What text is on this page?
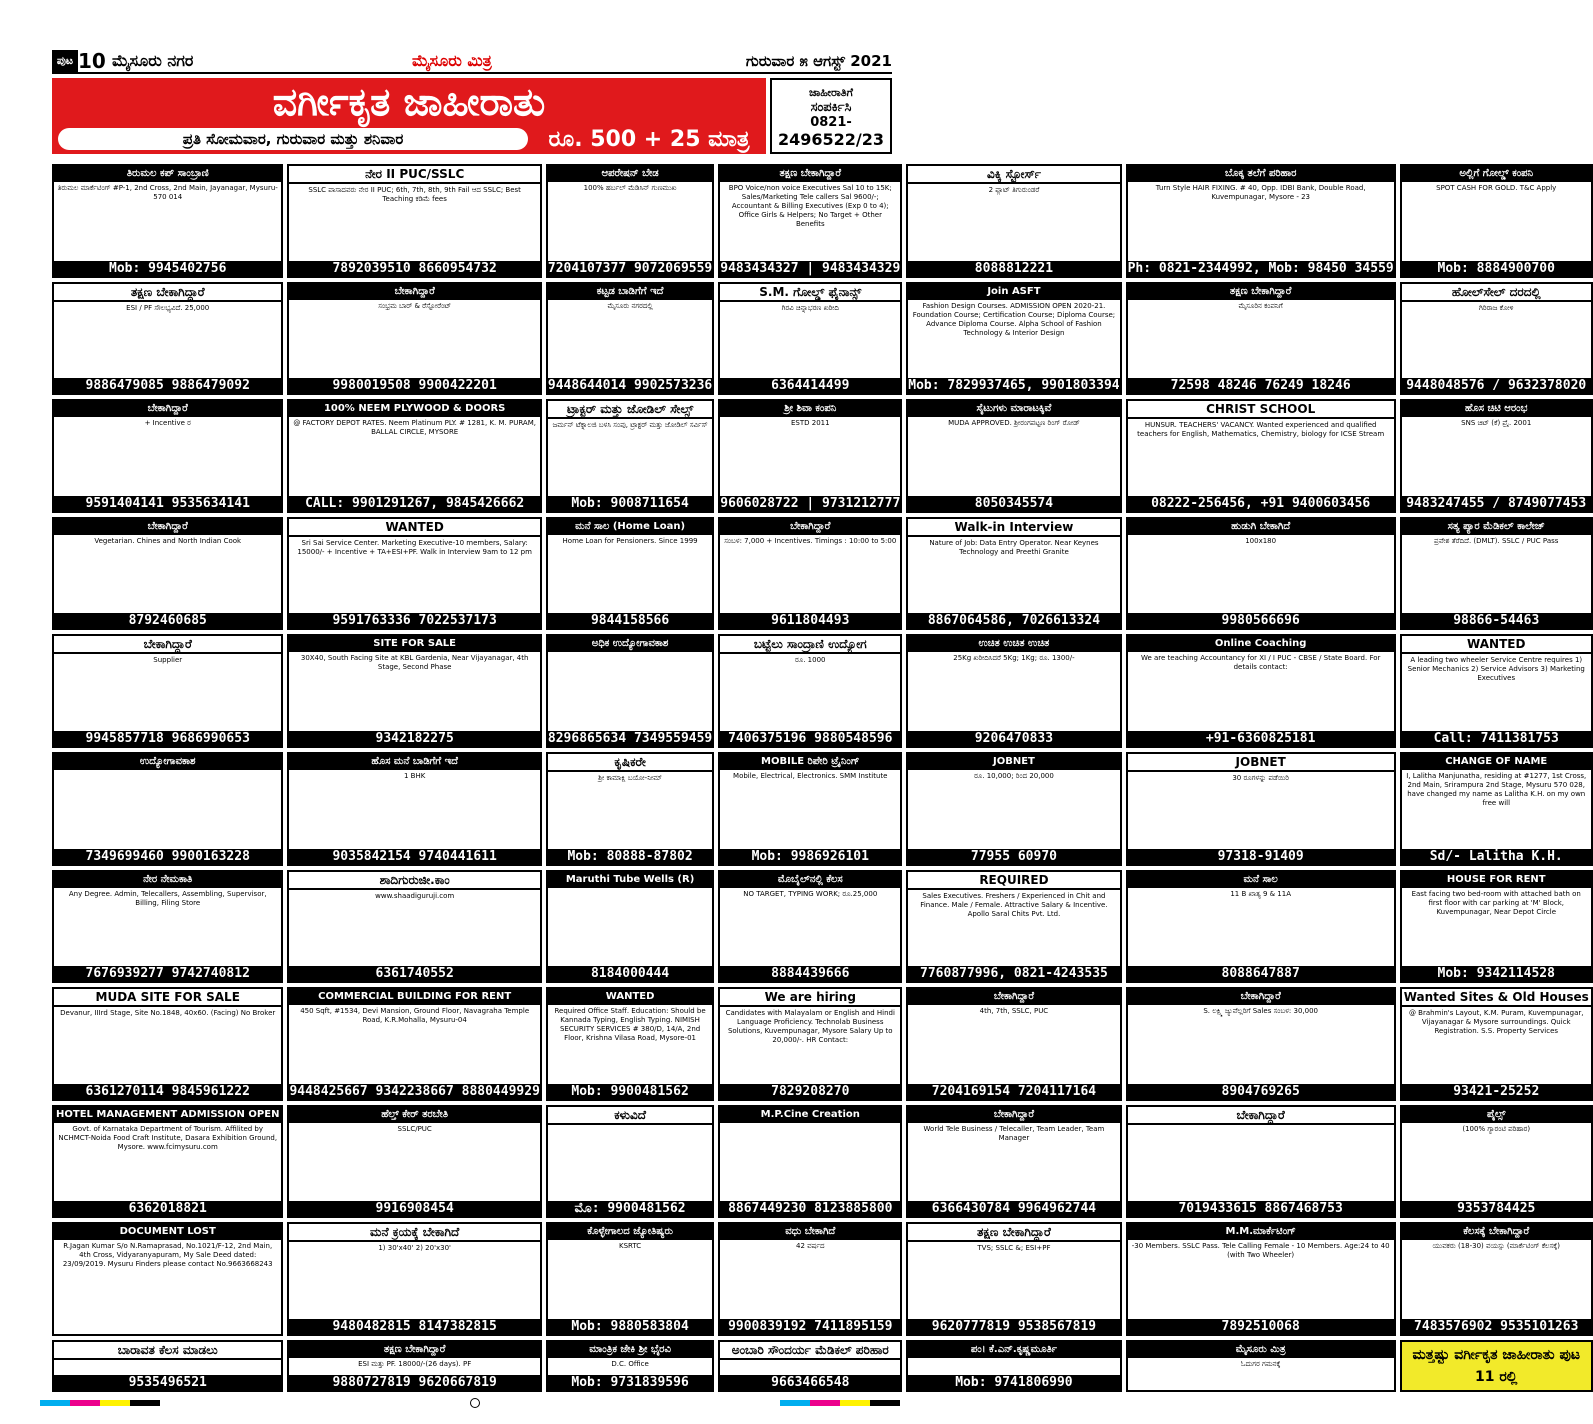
ಪುಟ 10 ಮೈಸೂರು ನಗರ	ಮೈಸೂರು ಮಿತ್ರ	ಗುರುವಾರ ೫ ಆಗಸ್ಟ್ 2021
ವರ್ಗೀಕೃತ ಜಾಹೀರಾತು
ಪ್ರತಿ ಸೋಮವಾರ, ಗುರುವಾರ ಮತ್ತು ಶನಿವಾರ	ರೂ. 500 + 25 ಮಾತ್ರ
ಜಾಹೀರಾತಿಗೆ
ಸಂಪರ್ಕಿಸಿ
0821-
2496522/23
ತಿರುಮಲ ಕಪ್ ಸಾಂಬ್ರಾಣಿ
ತಿರುಮಲ ಮಾರ್ಕೆಟಿಂಗ್ #P-1, 2nd Cross, 2nd Main, Jayanagar, Mysuru-570 014
Mob: 9945402756
ನೇರ II PUC/SSLC
SSLC ಪಾಸಾದವರು ನೇರ II PUC; 6th, 7th, 8th, 9th Fail ಆದ SSLC; Best Teaching ಕಡಿಮೆ fees
7892039510 8660954732
ಆಪರೇಷನ್ ಬೇಡ
100% ಹರ್ಬಲ್ ಮೆಡಿಸಿನ್ ಗುಣಮುಖ
7204107377 9072069559
ತಕ್ಷಣ ಬೇಕಾಗಿದ್ದಾರೆ
BPO Voice/non voice Executives Sal 10 to 15K; Sales/Marketing Tele callers Sal 9600/-; Accountant & Billing Executives (Exp 0 to 4); Office Girls & Helpers; No Target + Other Benefits
9483434327 | 9483434329
ವಿಕ್ಕಿ ಸ್ಟೋರ್ಸ್
2 ಪ್ಲಾಟ್ ತಿಗುರುಂಡರೆ
8088812221
ಬೊಕ್ಕ ತಲೆಗೆ ಪರಿಹಾರ
Turn Style HAIR FIXING. # 40, Opp. IDBI Bank, Double Road, Kuvempunagar, Mysore - 23
Ph: 0821-2344992, Mob: 98450 34559
ಅಲ್ಲಿಗೆ ಗೋಲ್ಡ್ ಕಂಪನಿ
SPOT CASH FOR GOLD. T&C Apply
Mob: 8884900700
ತಕ್ಷಣ ಬೇಕಾಗಿದ್ದಾರೆ
ESI / PF ಸೌಲಭ್ಯವಿದೆ. 25,000
9886479085 9886479092
ಬೇಕಾಗಿದ್ದಾರೆ
ಸಂಭ್ರಮ ಬಾರ್ & ರೆಸ್ಟೋರೆಂಟ್
9980019508 9900422201
ಕಟ್ಟಡ ಬಾಡಿಗೆಗೆ ಇದೆ
ಮೈಸೂರು ನಗರದಲ್ಲಿ
9448644014 9902573236
S.M. ಗೋಲ್ಡ್ ಫೈನಾನ್ಸ್
ಗಿರವಿ ಚಿನ್ನಾಭರಣ ಖರೀದಿ
6364414499
Join ASFT
Fashion Design Courses. ADMISSION OPEN 2020-21. Foundation Course; Certification Course; Diploma Course; Advance Diploma Course. Alpha School of Fashion Technology & Interior Design
Mob: 7829937465, 9901803394
ತಕ್ಷಣ ಬೇಕಾಗಿದ್ದಾರೆ
ಮೈಸೂರಿನ ಕಂಪನಿಗೆ
72598 48246 76249 18246
ಹೋಲ್‌ಸೇಲ್ ದರದಲ್ಲಿ
ಗಿರಿರಾಜ ಕೋಳಿ
9448048576 / 9632378020
ಬೇಕಾಗಿದ್ದಾರೆ
+ Incentive ರ
9591404141 9535634141
100% NEEM PLYWOOD & DOORS
@ FACTORY DEPOT RATES. Neem Platinum PLY. # 1281, K. M. PURAM, BALLAL CIRCLE, MYSORE
CALL: 9901291267, 9845426662
ಟ್ರಾಕ್ಟರ್ ಮತ್ತು ಜೋಡಿಲ್ ಸೇಲ್ಸ್
ಜರ್ಮನ್ ಟೆಕ್ನಾಲಜಿ ಬಳಸಿ ಸಂಪು, ಟ್ರಾಕ್ಟರ್ ಮತ್ತು ಜೋಡಿಲ್ ಸರ್ವಿಸ್
Mob: 9008711654
ಶ್ರೀ ಶಿವಾ ಕಂಪನಿ
ESTD 2011
9606028722 | 9731212777
ಸೈಟುಗಳು ಮಾರಾಟಕ್ಕಿವೆ
MUDA APPROVED. ಶ್ರೀರಂಗಪಟ್ಟಣ ರಿಂಗ್ ರೋಡ್
8050345574
CHRIST SCHOOL
HUNSUR. TEACHERS' VACANCY. Wanted experienced and qualified teachers for English, Mathematics, Chemistry, biology for ICSE Stream
08222-256456, +91 9400603456
ಹೊಸ ಚಿಟಿ ಆರಂಭ
SNS ಚಿಟ್ (ಕೆ) ಪ್ರೈ. 2001
9483247455 / 8749077453
ಬೇಕಾಗಿದ್ದಾರೆ
Vegetarian. Chines and North Indian Cook
8792460685
WANTED
Sri Sai Service Center. Marketing Executive-10 members, Salary: 15000/- + Incentive + TA+ESI+PF. Walk in Interview 9am to 12 pm
9591763336 7022537173
ಮನೆ ಸಾಲ (Home Loan)
Home Loan for Pensioners. Since 1999
9844158566
ಬೇಕಾಗಿದ್ದಾರೆ
ಸಂಬಳ: 7,000 + Incentives. Timings : 10:00 to 5:00
9611804493
Walk-in Interview
Nature of Job: Data Entry Operator. Near Keynes Technology and Preethi Granite
8867064586, 7026613324
ಹುಡುಗಿ ಬೇಕಾಗಿದೆ
100x180
9980566696
ಸತ್ಯ ಪ್ಯಾರ ಮೆಡಿಕಲ್ ಕಾಲೇಜ್
ಪ್ರವೇಶ ತೆರೆದಿದೆ. (DMLT). SSLC / PUC Pass
98866-54463
ಬೇಕಾಗಿದ್ದಾರೆ
Supplier
9945857718 9686990653
SITE FOR SALE
30X40, South Facing Site at KBL Gardenia, Near Vijayanagar, 4th Stage, Second Phase
9342182275
ಅಧಿಕ ಉದ್ಯೋಗಾವಕಾಶ
8296865634 7349559459
ಬಟ್ಟೆಲು ಸಾಂದ್ರಾಣಿ ಉದ್ಯೋಗ
ರೂ. 1000
7406375196 9880548596
ಉಚಿತ ಉಚಿತ ಉಚಿತ
25Kg ಖರೀದಿಸಿದರೆ 5Kg; 1Kg; ರೂ. 1300/-
9206470833
Online Coaching
We are teaching Accountancy for XI / I PUC - CBSE / State Board. For details contact:
+91-6360825181
WANTED
A leading two wheeler Service Centre requires 1) Senior Mechanics 2) Service Advisors 3) Marketing Executives
Call: 7411381753
ಉದ್ಯೋಗಾವಕಾಶ
7349699460 9900163228
ಹೊಸ ಮನೆ ಬಾಡಿಗೆಗೆ ಇದೆ
1 BHK
9035842154 9740441611
ಕೃಷಿಕರೇ
ಶ್ರೀ ಕಾಮಾಕ್ಷಿ ಬಯೋ-ನೀಮ್
Mob: 80888-87802
MOBILE ರಿಪೇರಿ ಟ್ರೈನಿಂಗ್
Mobile, Electrical, Electronics. SMM Institute
Mob: 9986926101
JOBNET
ರೂ. 10,000; ರಿಂದ 20,000
77955 60970
JOBNET
30 ರೂಗಳನ್ನು ಪಡೆಯಿರಿ
97318-91409
CHANGE OF NAME
I, Lalitha Manjunatha, residing at #1277, 1st Cross, 2nd Main, Srirampura 2nd Stage, Mysuru 570 028, have changed my name as Lalitha K.H. on my own free will
Sd/- Lalitha K.H.
ನೇರ ನೇಮಕಾತಿ
Any Degree. Admin, Telecallers, Assembling, Supervisor, Billing, Filing Store
7676939277 9742740812
ಶಾದಿಗುರುಜೀ.ಕಾಂ
www.shaadiguruji.com
6361740552
Maruthi Tube Wells (R)
8184000444
ಮೊಬೈಲ್‌ನಲ್ಲಿ ಕೆಲಸ
NO TARGET, TYPING WORK; ರೂ.25,000
8884439666
REQUIRED
Sales Executives. Freshers / Experienced in Chit and Finance. Male / Female. Attractive Salary & Incentive. Apollo Saral Chits Pvt. Ltd.
7760877996, 0821-4243535
ಮನೆ ಸಾಲ
11 B ಖಾತ್ಯ 9 & 11A
8088647887
HOUSE FOR RENT
East facing two bed-room with attached bath on first floor with car parking at 'M' Block, Kuvempunagar, Near Depot Circle
Mob: 9342114528
MUDA SITE FOR SALE
Devanur, IIIrd Stage, Site No.1848, 40x60. (Facing) No Broker
6361270114 9845961222
COMMERCIAL BUILDING FOR RENT
450 Sqft, #1534, Devi Mansion, Ground Floor, Navagraha Temple Road, K.R.Mohalla, Mysuru-04
9448425667 9342238667 8880449929
WANTED
Required Office Staff. Education: Should be Kannada Typing, English Typing. NIMISH SECURITY SERVICES # 380/D, 14/A, 2nd Floor, Krishna Vilasa Road, Mysore-01
Mob: 9900481562
We are hiring
Candidates with Malayalam or English and Hindi Language Proficiency. Technolab Business Solutions, Kuvempunagar, Mysore Salary Up to 20,000/-. HR Contact:
7829208270
ಬೇಕಾಗಿದ್ದಾರೆ
4th, 7th, SSLC, PUC
7204169154 7204117164
ಬೇಕಾಗಿದ್ದಾರೆ
S. ಲಕ್ಷ್ಮಿ ಜ್ಯುವೆಲ್ಲರಿಗೆ Sales ಸಂಬಳ: 30,000
8904769265
Wanted Sites & Old Houses
@ Brahmin's Layout, K.M. Puram, Kuvempunagar, Vijayanagar & Mysore surroundings. Quick Registration. S.S. Property Services
93421-25252
HOTEL MANAGEMENT ADMISSION OPEN
Govt. of Karnataka Department of Tourism. Affilited by NCHMCT-Noida Food Craft Institute, Dasara Exhibition Ground, Mysore. www.fcimysuru.com
6362018821
ಹೆಲ್ತ್ ಕೇರ್ ತರಬೇತಿ
SSLC/PUC
9916908454
ಕಳುವಿದೆ
ಮೊ: 9900481562
M.P.Cine Creation
8867449230 8123885800
ಬೇಕಾಗಿದ್ದಾರೆ
World Tele Business / Telecaller, Team Leader, Team Manager
6366430784 9964962744
ಬೇಕಾಗಿದ್ದಾರೆ
7019433615 8867468753
ಪೈಲ್ಸ್
(100% ಗ್ಯಾರಂಟಿ ಪರಿಹಾರ)
9353784425
DOCUMENT LOST
R.Jagan Kumar S/o N.Ramaprasad, No.1021/F-12, 2nd Main, 4th Cross, Vidyaranyapuram, My Sale Deed dated: 23/09/2019. Mysuru Finders please contact No.9663668243
ಮನೆ ಕ್ರಯಕ್ಕೆ ಬೇಕಾಗಿದೆ
1) 30'x40' 2) 20'x30'
9480482815 8147382815
ಕೊಳ್ಳೇಗಾಲದ ಜ್ಯೋತಿಷ್ಯರು
KSRTC
Mob: 9880583804
ವಧು ಬೇಕಾಗಿದೆ
42 ವರ್ಷದ
9900839192 7411895159
ತಕ್ಷಣ ಬೇಕಾಗಿದ್ದಾರೆ
TVS; SSLC &; ESI+PF
9620777819 9538567819
M.M.ಮಾರ್ಕೆಟಿಂಗ್
-30 Members. SSLC Pass. Tele Calling Female - 10 Members. Age:24 to 40 (with Two Wheeler)
7892510068
ಕೆಲಸಕ್ಕೆ ಬೇಕಾಗಿದ್ದಾರೆ
ಯುವಕರು (18-30) ವಯಸ್ಸು (ಮಾರ್ಕೆಟಿಂಗ್ ಕೆಲಸಕ್ಕೆ)
7483576902 9535101263
ಬಾರಾವತ ಕೆಲಸ ಮಾಡಲು
9535496521
ತಕ್ಷಣ ಬೇಕಾಗಿದ್ದಾರೆ
ESI ಮತ್ತು PF. 18000/-(26 days). PF
9880727819 9620667819
ಮಾಂತ್ರಿಕ ಜೇಕಿ ಶ್ರೀ ಭೈರವಿ
D.C. Office
Mob: 9731839596
ಅಂಬಾರಿ ಸೌಂದರ್ಯ ಮೆಡಿಕಲ್ ಪರಿಹಾರ
9663466548
ಪಂ। ಕೆ.ಎನ್.ಕೃಷ್ಣಮೂರ್ತಿ
Mob: 9741806990
ಮೈಸೂರು ಮಿತ್ರ
ಓದುಗರ ಗಮನಕ್ಕೆ
ಮತ್ತಷ್ಟು ವರ್ಗೀಕೃತ ಜಾಹೀರಾತು ಪುಟ 11 ರಲ್ಲಿ
